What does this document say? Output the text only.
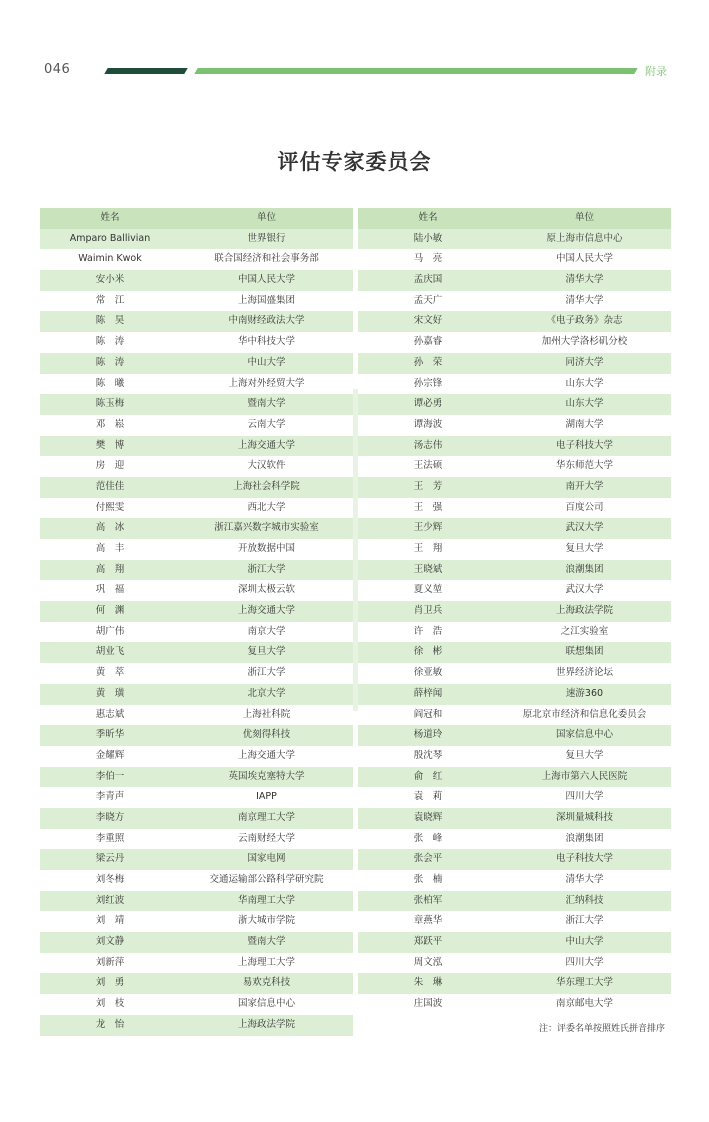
046	附录
评估专家委员会
姓名	单位
Amparo Ballivian	世界银行
Waimin Kwok	联合国经济和社会事务部
安小米	中国人民大学
常　江	上海国盛集团
陈　昊	中南财经政法大学
陈　涛	华中科技大学
陈　涛	中山大学
陈　曦	上海对外经贸大学
陈玉梅	暨南大学
邓　崧	云南大学
樊　博	上海交通大学
房　迎	大汉软件
范佳佳	上海社会科学院
付熙雯	西北大学
高　冰	浙江嘉兴数字城市实验室
高　丰	开放数据中国
高　翔	浙江大学
巩　福	深圳太极云软
何　渊	上海交通大学
胡广伟	南京大学
胡业飞	复旦大学
黄　萃	浙江大学
黄　璜	北京大学
惠志斌	上海社科院
季昕华	优刻得科技
金耀辉	上海交通大学
李伯一	英国埃克塞特大学
李青声	IAPP
李晓方	南京理工大学
李重照	云南财经大学
梁云丹	国家电网
刘冬梅	交通运输部公路科学研究院
刘红波	华南理工大学
刘　靖	浙大城市学院
刘文静	暨南大学
刘新萍	上海理工大学
刘　勇	易欢克科技
刘　枝	国家信息中心
龙　怡	上海政法学院
姓名	单位
陆小敏	原上海市信息中心
马　亮	中国人民大学
孟庆国	清华大学
孟天广	清华大学
宋文好	《电子政务》杂志
孙嘉睿	加州大学洛杉矶分校
孙　荣	同济大学
孙宗锋	山东大学
谭必勇	山东大学
谭海波	湖南大学
汤志伟	电子科技大学
王法硕	华东师范大学
王　芳	南开大学
王　强	百度公司
王少辉	武汉大学
王　翔	复旦大学
王晓斌	浪潮集团
夏义堃	武汉大学
肖卫兵	上海政法学院
许　浩	之江实验室
徐　彬	联想集团
徐亚敏	世界经济论坛
薛梓闻	速游360
阎冠和	原北京市经济和信息化委员会
杨道玲	国家信息中心
殷沈琴	复旦大学
俞　红	上海市第六人民医院
袁　莉	四川大学
袁晓辉	深圳量城科技
张　峰	浪潮集团
张会平	电子科技大学
张　楠	清华大学
张柏军	汇纳科技
章燕华	浙江大学
郑跃平	中山大学
周文泓	四川大学
朱　琳	华东理工大学
庄国波	南京邮电大学
注：评委名单按照姓氏拼音排序
